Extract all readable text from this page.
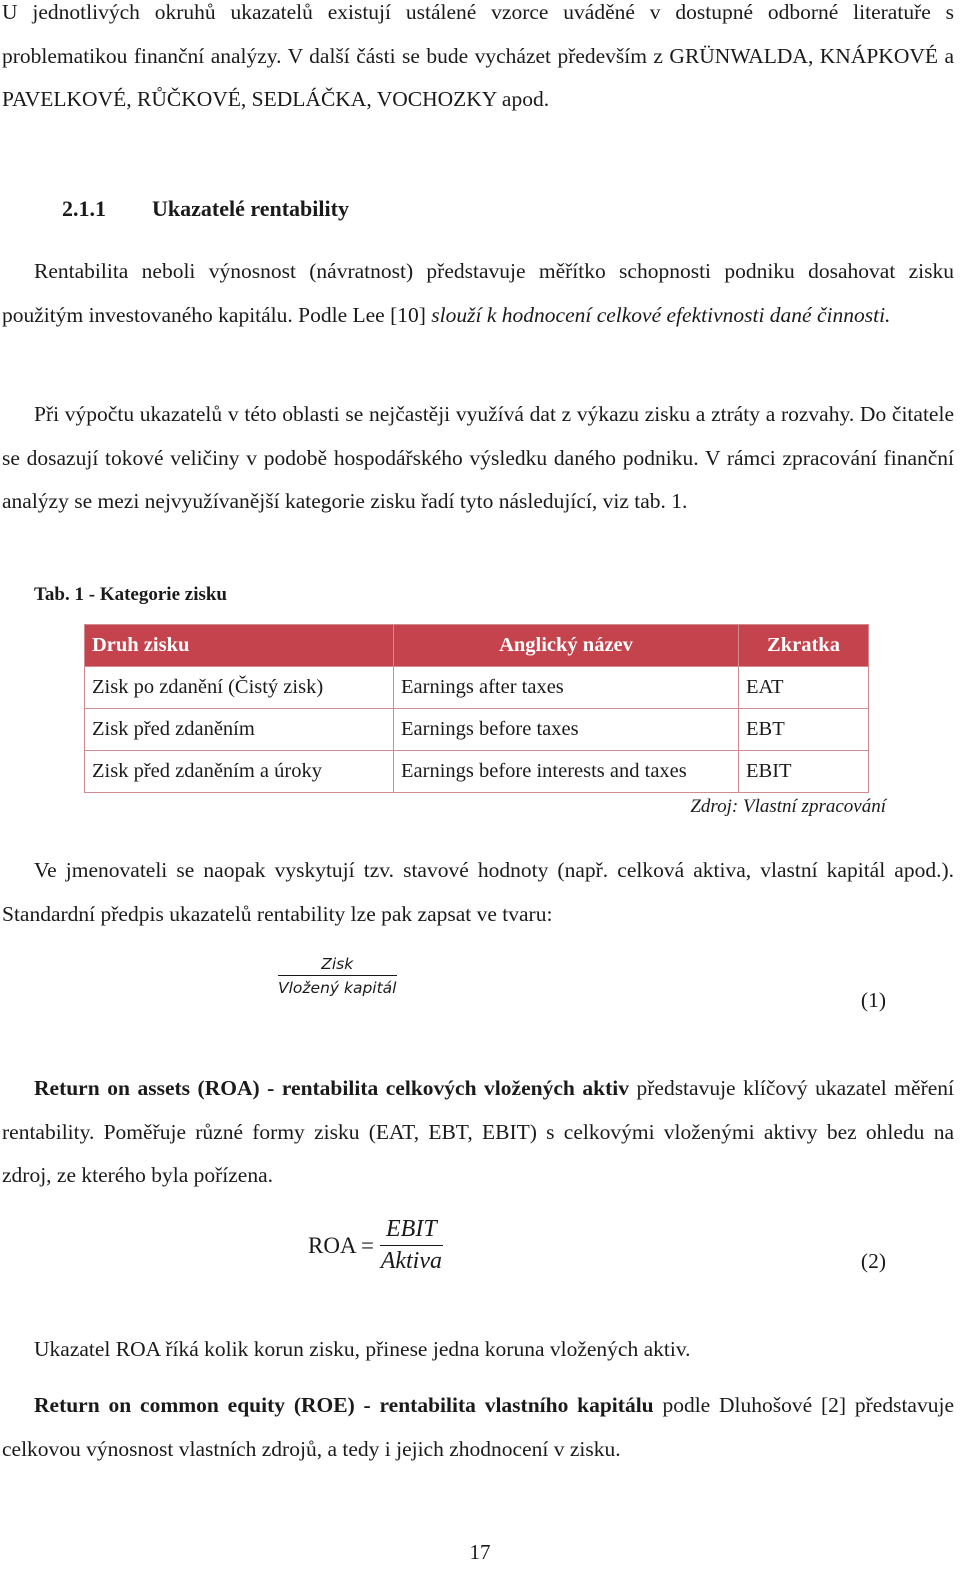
U jednotlivých okruhů ukazatelů existují ustálené vzorce uváděné v dostupné odborné literatuře s problematikou finanční analýzy. V další části se bude vycházet především z GRÜNWALDA, KNÁPKOVÉ a PAVELKOVÉ, RŮČKOVÉ, SEDLÁČKA, VOCHOZKY apod.

2.1.1 Ukazatelé rentability

Rentabilita neboli výnosnost (návratnost) představuje měřítko schopnosti podniku dosahovat zisku použitým investovaného kapitálu. Podle Lee [10] slouží k hodnocení celkové efektivnosti dané činnosti.

Při výpočtu ukazatelů v této oblasti se nejčastěji využívá dat z výkazu zisku a ztráty a rozvahy. Do čitatele se dosazují tokové veličiny v podobě hospodářského výsledku daného podniku. V rámci zpracování finanční analýzy se mezi nejvyužívanější kategorie zisku řadí tyto následující, viz tab. 1.

Tab. 1 - Kategorie zisku
Druh zisku	Anglický název	Zkratka
Zisk po zdanění (Čistý zisk)	Earnings after taxes	EAT
Zisk před zdaněním	Earnings before taxes	EBT
Zisk před zdaněním a úroky	Earnings before interests and taxes	EBIT
Zdroj: Vlastní zpracování

Ve jmenovateli se naopak vyskytují tzv. stavové hodnoty (např. celková aktiva, vlastní kapitál apod.). Standardní předpis ukazatelů rentability lze pak zapsat ve tvaru:

Zisk
Vložený kapitál	(1)

Return on assets (ROA) - rentabilita celkových vložených aktiv představuje klíčový ukazatel měření rentability. Poměřuje různé formy zisku (EAT, EBT, EBIT) s celkovými vloženými aktivy bez ohledu na zdroj, ze kterého byla pořízena.

ROA = $\frac{\text{EBIT}}{\text{Aktiva}}$	(2)

Ukazatel ROA říká kolik korun zisku, přinese jedna koruna vložených aktiv.

Return on common equity (ROE) - rentabilita vlastního kapitálu podle Dluhošové [2] představuje celkovou výnosnost vlastních zdrojů, a tedy i jejich zhodnocení v zisku.

17
